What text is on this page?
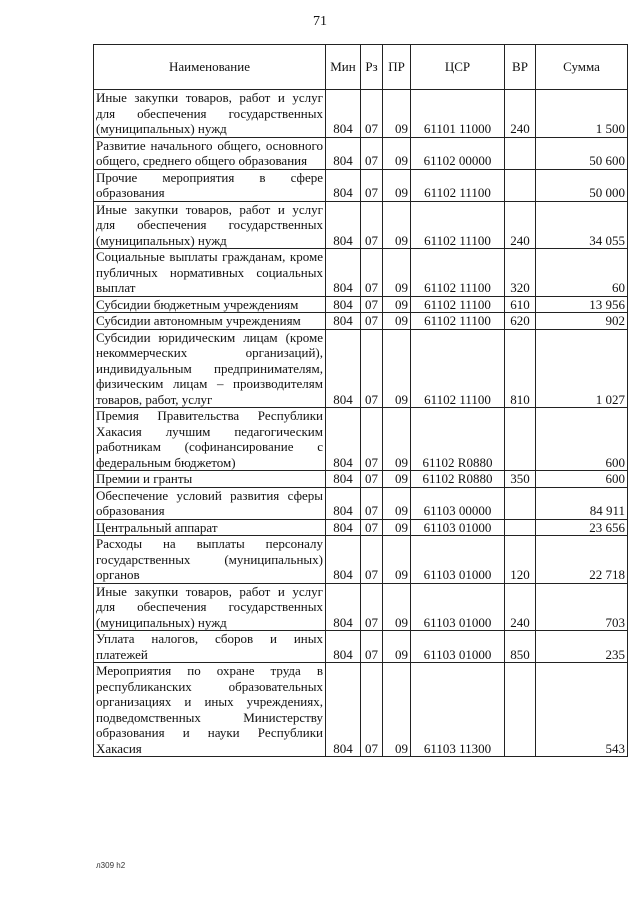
71
Наименование	Мин	Рз	ПР	ЦСР	ВР	Сумма
Иные закупки товаров, работ и услуг для обеспечения государственных (муниципальных) нужд	804	07	09	61101 11000	240	1 500
Развитие начального общего, основного общего, среднего общего образования	804	07	09	61102 00000		50 600
Прочие мероприятия в сфере образования	804	07	09	61102 11100		50 000
Иные закупки товаров, работ и услуг для обеспечения государственных (муниципальных) нужд	804	07	09	61102 11100	240	34 055
Социальные выплаты гражданам, кроме публичных нормативных социальных выплат	804	07	09	61102 11100	320	60
Субсидии бюджетным учреждениям	804	07	09	61102 11100	610	13 956
Субсидии автономным учреждениям	804	07	09	61102 11100	620	902
Субсидии юридическим лицам (кроме некоммерческих организаций), индивидуальным предпринимателям, физическим лицам – производителям товаров, работ, услуг	804	07	09	61102 11100	810	1 027
Премия Правительства Республики Хакасия лучшим педагогическим работникам (софинансирование с федеральным бюджетом)	804	07	09	61102 R0880		600
Премии и гранты	804	07	09	61102 R0880	350	600
Обеспечение условий развития сферы образования	804	07	09	61103 00000		84 911
Центральный аппарат	804	07	09	61103 01000		23 656
Расходы на выплаты персоналу государственных (муниципальных) органов	804	07	09	61103 01000	120	22 718
Иные закупки товаров, работ и услуг для обеспечения государственных (муниципальных) нужд	804	07	09	61103 01000	240	703
Уплата налогов, сборов и иных платежей	804	07	09	61103 01000	850	235
Мероприятия по охране труда в республиканских образовательных организациях и иных учреждениях, подведомственных Министерству образования и науки Республики Хакасия	804	07	09	61103 11300		543
л309 h2
